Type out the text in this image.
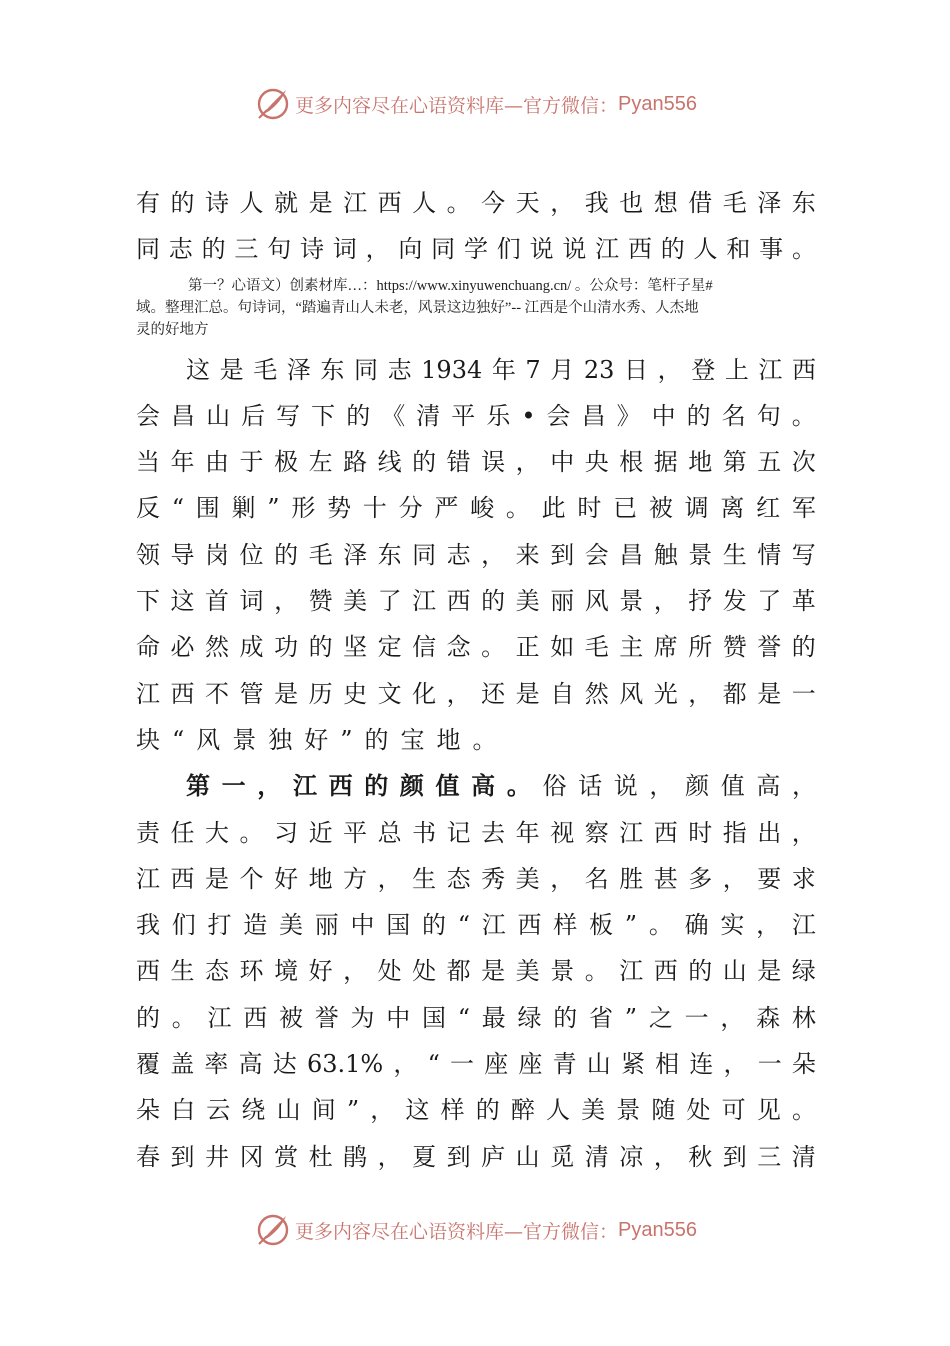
更多内容尽在心语资料库—官方微信： Pyan556
有 的 诗 人 就 是 江 西 人 。 今 天 ， 我 也 想 借 毛 泽 东
同 志 的 三 句 诗 词 ， 向 同 学 们 说 说 江 西 的 人 和 事 。
第一？心语文）创素材库…：https://www.xinyuwenchuang.cn/ 。公众号：笔杆子星#
域。整理汇总。句诗词，“踏遍青山人未老，风景这边独好”-- 江西是个山清水秀、人杰地
灵的好地方
这 是 毛 泽 东 同 志 1934 年 7 月 23 日 ， 登 上 江 西
会 昌 山 后 写 下 的 《 清 平 乐 • 会 昌 》 中 的 名 句 。
当 年 由 于 极 左 路 线 的 错 误 ， 中 央 根 据 地 第 五 次
反 “ 围 剿 ” 形 势 十 分 严 峻 。 此 时 已 被 调 离 红 军
领 导 岗 位 的 毛 泽 东 同 志 ， 来 到 会 昌 触 景 生 情 写
下 这 首 词 ， 赞 美 了 江 西 的 美 丽 风 景 ， 抒 发 了 革
命 必 然 成 功 的 坚 定 信 念 。 正 如 毛 主 席 所 赞 誉 的
江 西 不 管 是 历 史 文 化 ， 还 是 自 然 风 光 ， 都 是 一
块“风景独好”的宝地。
第一，江西的颜值高。俗话说，颜值高，
责 任 大 。 习 近 平 总 书 记 去 年 视 察 江 西 时 指 出 ，
江 西 是 个 好 地 方 ， 生 态 秀 美 ， 名 胜 甚 多 ， 要 求
我 们 打 造 美 丽 中 国 的 “ 江 西 样 板 ” 。 确 实 ， 江
西 生 态 环 境 好 ， 处 处 都 是 美 景 。 江 西 的 山 是 绿
的 。 江 西 被 誉 为 中 国 “ 最 绿 的 省 ” 之 一 ， 森 林
覆 盖 率 高 达 63.1% ， “ 一 座 座 青 山 紧 相 连 ， 一 朵
朵 白 云 绕 山 间 ” ， 这 样 的 醉 人 美 景 随 处 可 见 。
春 到 井 冈 赏 杜 鹃 ， 夏 到 庐 山 觅 清 凉 ， 秋 到 三 清
更多内容尽在心语资料库—官方微信： Pyan556
